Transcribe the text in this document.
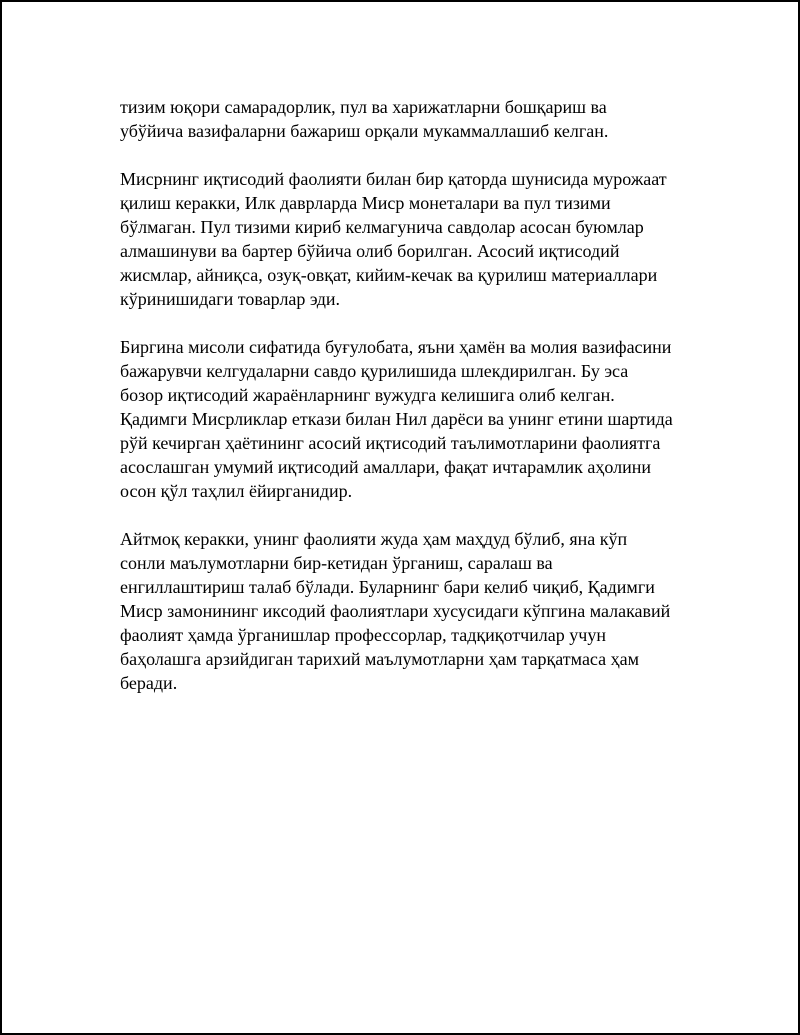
тизим юқори самарадорлик, пул ва харижатларни бошқариш ва
убўйича вазифаларни бажариш орқали мукаммаллашиб келган.

Мисрнинг иқтисодий фаолияти билан бир қаторда шунисида мурожаат
қилиш керакки, Илк даврларда Миср монеталари ва пул тизими
бўлмаган. Пул тизими кириб келмагунича савдолар асосан буюмлар
алмашинуви ва бартер бўйича олиб борилган. Асосий иқтисодий
жисмлар, айниқса, озуқ-овқат, кийим-кечак ва қурилиш материаллари
кўринишидаги товарлар эди.

Биргина мисоли сифатида буғулобата, яъни ҳамён ва молия вазифасини
бажарувчи келгудаларни савдо қурилишида шлекдирилган. Бу эса
бозор иқтисодий жараёнларнинг вужудга келишига олиб келган.
Қадимги Мисрликлар еткази билан Нил дарёси ва унинг етини шартида
рўй кечирган ҳаётининг асосий иқтисодий таълимотларини фаолиятга
асослашган умумий иқтисодий амаллари, фақат ичтарамлик аҳолини
осон қўл таҳлил ёйирганидир.

Айтмоқ керакки, унинг фаолияти жуда ҳам маҳдуд бўлиб, яна кўп
сонли маълумотларни бир-кетидан ўрганиш, саралаш ва
енгиллаштириш талаб бўлади. Буларнинг бари келиб чиқиб, Қадимги
Миср замонининг иксодий фаолиятлари хусусидаги кўпгина малакавий
фаолият ҳамда ўрганишлар профессорлар, тадқиқотчилар учун
баҳолашга арзийдиган тарихий маълумотларни ҳам тарқатмаса ҳам
беради.
